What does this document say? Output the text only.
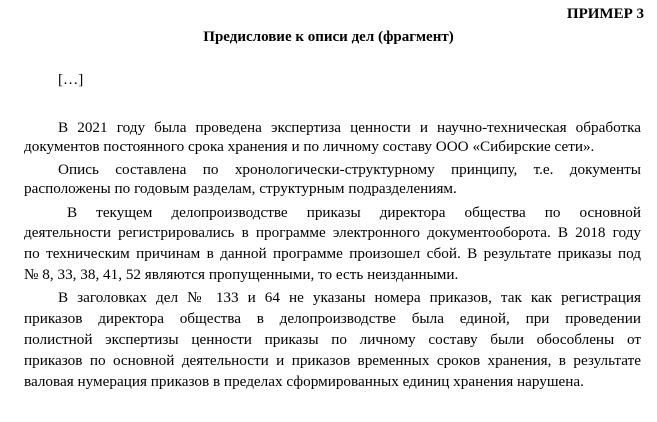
ПРИМЕР 3
Предисловие к описи дел (фрагмент)
[…]
В 2021 году была проведена экспертиза ценности и научно-техническая обработка
документов постоянного срока хранения и по личному составу ООО «Сибирские сети».
Опись составлена по хронологически-структурному принципу, т.е. документы
расположены по годовым разделам, структурным подразделениям.
В текущем делопроизводстве приказы директора общества по основной
деятельности регистрировались в программе электронного документооборота. В 2018 году
по техническим причинам в данной программе произошел сбой. В результате приказы под
№ 8, 33, 38, 41, 52 являются пропущенными, то есть неизданными.
В заголовках дел № 133 и 64 не указаны номера приказов, так как регистрация
приказов директора общества в делопроизводстве была единой, при проведении
полистной экспертизы ценности приказы по личному составу были обособлены от
приказов по основной деятельности и приказов временных сроков хранения, в результате
валовая нумерация приказов в пределах сформированных единиц хранения нарушена.
